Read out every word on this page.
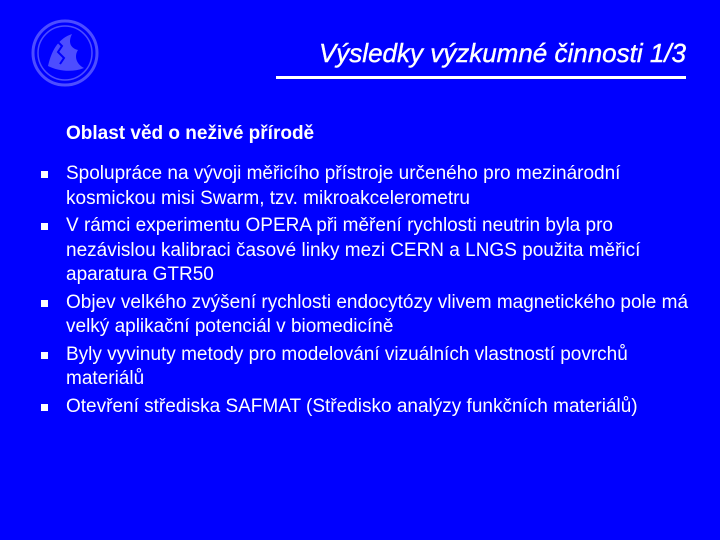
Výsledky výzkumné činnosti 1/3
Oblast věd o neživé přírodě
Spolupráce na vývoji měřicího přístroje určeného pro mezinárodní kosmickou misi Swarm, tzv. mikroakcelerometru
V rámci experimentu OPERA při měření rychlosti neutrin byla pro nezávislou kalibraci časové linky mezi CERN a LNGS použita měřicí aparatura GTR50
Objev velkého zvýšení rychlosti endocytózy vlivem magnetického pole má velký aplikační potenciál v biomedicíně
Byly vyvinuty metody pro modelování vizuálních vlastností povrchů materiálů
Otevření střediska SAFMAT (Středisko analýzy funkčních materiálů)
